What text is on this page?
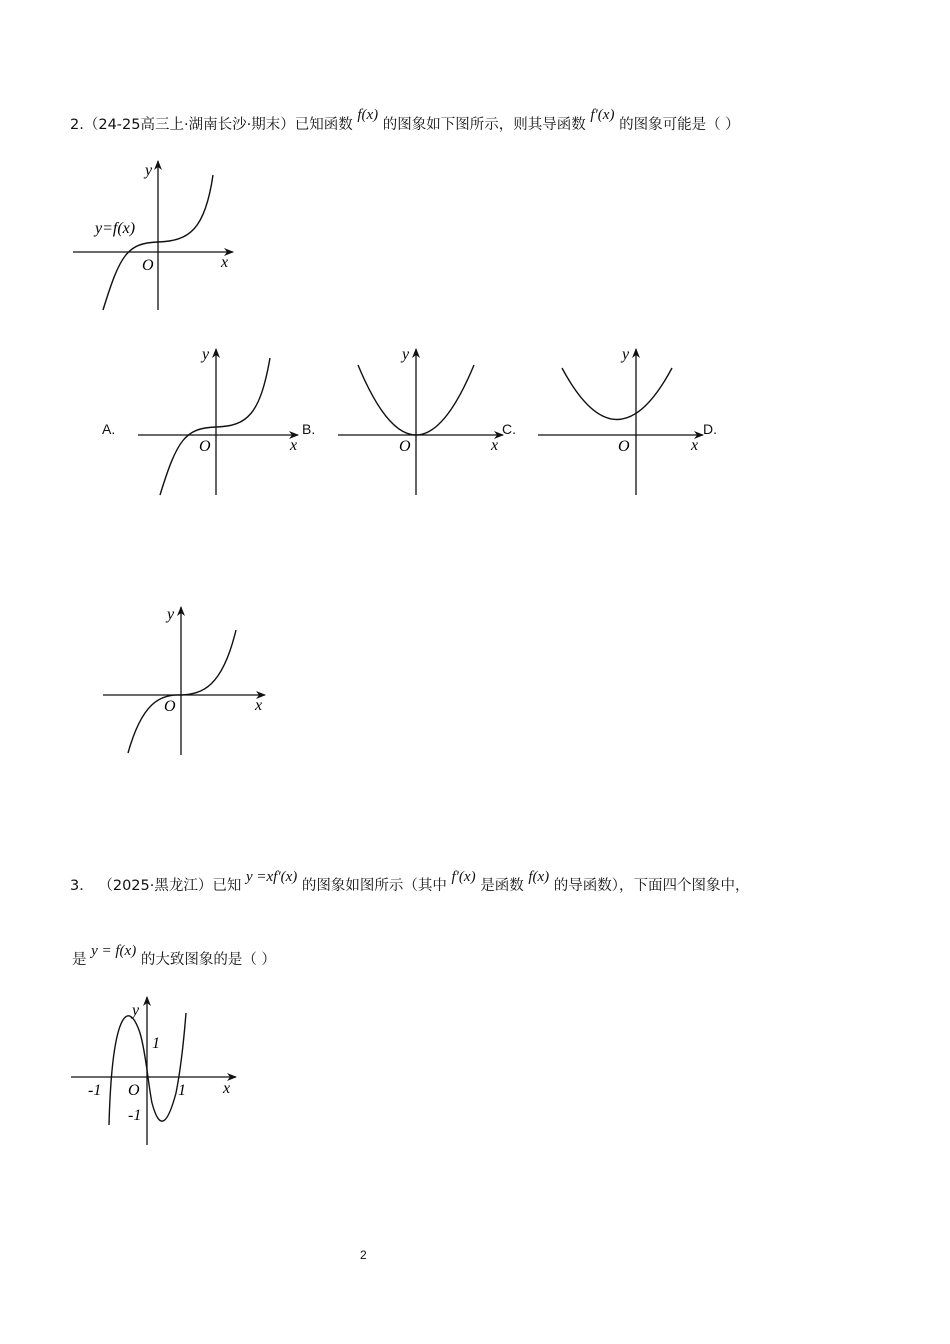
2.（24-25高三上·湖南长沙·期末）已知函数 f(x) 的图象如下图所示，则其导函数 f′(x) 的图象可能是（ ）
y=f(x)
x
y
O
A.
x
y
O
B.
x
y
O
C.
x
y
O
D.
x
y
O
3． （2025·黑龙江）已知 y =xf′(x) 的图象如图所示（其中 f′(x) 是函数 f(x) 的导函数），下面四个图象中，
是 y = f(x) 的大致图象的是（ ）
x
y
O 1
-1
1
-1
2
